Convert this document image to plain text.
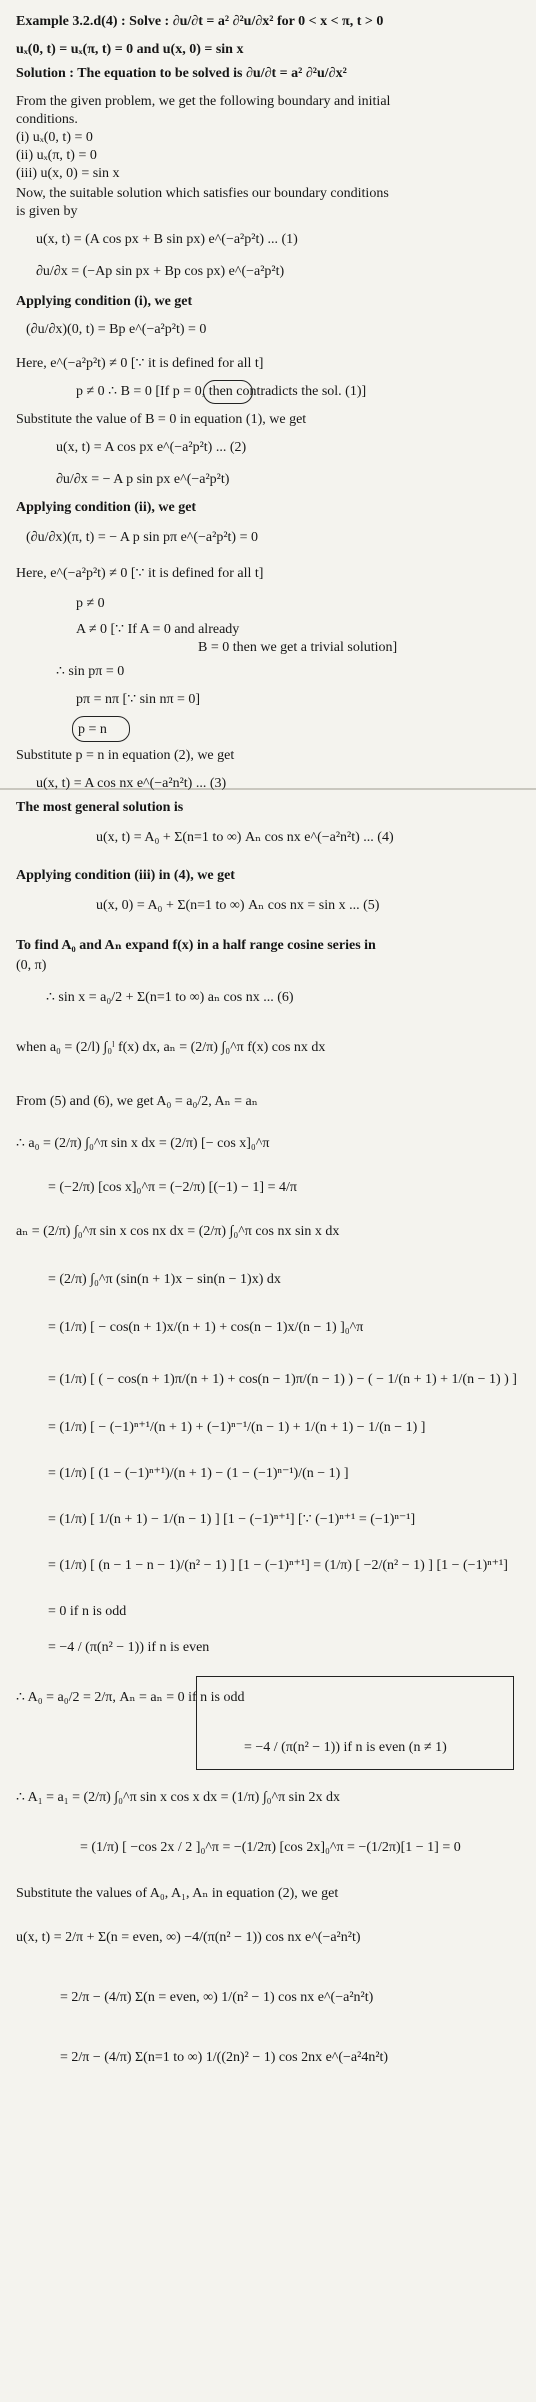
Example 3.2.d(4) : Solve : ∂u/∂t = a² ∂²u/∂x² for 0 < x < π, t > 0
uₓ(0, t) = uₓ(π, t) = 0 and u(x, 0) = sin x
Solution : The equation to be solved is ∂u/∂t = a² ∂²u/∂x²
From the given problem, we get the following boundary and initial
conditions.
(i) uₓ(0, t) = 0
(ii) uₓ(π, t) = 0
(iii) u(x, 0) = sin x
Now, the suitable solution which satisfies our boundary conditions
is given by
u(x, t) = (A cos px + B sin px) e^(−a²p²t) ... (1)
∂u/∂x = (−Ap sin px + Bp cos px) e^(−a²p²t)
Applying condition (i), we get
(∂u/∂x)(0, t) = Bp e^(−a²p²t) = 0
Here, e^(−a²p²t) ≠ 0 [∵ it is defined for all t]
p ≠ 0 ∴ B = 0 [If p = 0, then contradicts the sol. (1)]
Substitute the value of B = 0 in equation (1), we get
u(x, t) = A cos px e^(−a²p²t) ... (2)
∂u/∂x = − A p sin px e^(−a²p²t)
Applying condition (ii), we get
(∂u/∂x)(π, t) = − A p sin pπ e^(−a²p²t) = 0
Here, e^(−a²p²t) ≠ 0 [∵ it is defined for all t]
p ≠ 0
A ≠ 0 [∵ If A = 0 and already
B = 0 then we get a trivial solution]
∴ sin pπ = 0
pπ = nπ [∵ sin nπ = 0]
p = n
Substitute p = n in equation (2), we get
u(x, t) = A cos nx e^(−a²n²t) ... (3)
The most general solution is
u(x, t) = A₀ + Σ(n=1 to ∞) Aₙ cos nx e^(−a²n²t) ... (4)
Applying condition (iii) in (4), we get
u(x, 0) = A₀ + Σ(n=1 to ∞) Aₙ cos nx = sin x ... (5)
To find A₀ and Aₙ expand f(x) in a half range cosine series in
(0, π)
∴ sin x = a₀/2 + Σ(n=1 to ∞) aₙ cos nx ... (6)
when a₀ = (2/l) ∫₀ˡ f(x) dx, aₙ = (2/π) ∫₀^π f(x) cos nx dx
From (5) and (6), we get A₀ = a₀/2, Aₙ = aₙ
∴ a₀ = (2/π) ∫₀^π sin x dx = (2/π) [− cos x]₀^π
= (−2/π) [cos x]₀^π = (−2/π) [(−1) − 1] = 4/π
aₙ = (2/π) ∫₀^π sin x cos nx dx = (2/π) ∫₀^π cos nx sin x dx
= (2/π) ∫₀^π (sin(n + 1)x − sin(n − 1)x) dx
= (1/π) [ − cos(n + 1)x/(n + 1) + cos(n − 1)x/(n − 1) ]₀^π
= (1/π) [ ( − cos(n + 1)π/(n + 1) + cos(n − 1)π/(n − 1) ) − ( − 1/(n + 1) + 1/(n − 1) ) ]
= (1/π) [ − (−1)ⁿ⁺¹/(n + 1) + (−1)ⁿ⁻¹/(n − 1) + 1/(n + 1) − 1/(n − 1) ]
= (1/π) [ (1 − (−1)ⁿ⁺¹)/(n + 1) − (1 − (−1)ⁿ⁻¹)/(n − 1) ]
= (1/π) [ 1/(n + 1) − 1/(n − 1) ] [1 − (−1)ⁿ⁺¹] [∵ (−1)ⁿ⁺¹ = (−1)ⁿ⁻¹]
= (1/π) [ (n − 1 − n − 1)/(n² − 1) ] [1 − (−1)ⁿ⁺¹] = (1/π) [ −2/(n² − 1) ] [1 − (−1)ⁿ⁺¹]
= 0 if n is odd
= −4 / (π(n² − 1)) if n is even
∴ A₀ = a₀/2 = 2/π, Aₙ = aₙ = 0 if n is odd
= −4 / (π(n² − 1)) if n is even (n ≠ 1)
∴ A₁ = a₁ = (2/π) ∫₀^π sin x cos x dx = (1/π) ∫₀^π sin 2x dx
= (1/π) [ −cos 2x / 2 ]₀^π = −(1/2π) [cos 2x]₀^π = −(1/2π)[1 − 1] = 0
Substitute the values of A₀, A₁, Aₙ in equation (2), we get
u(x, t) = 2/π + Σ(n = even, ∞) −4/(π(n² − 1)) cos nx e^(−a²n²t)
= 2/π − (4/π) Σ(n = even, ∞) 1/(n² − 1) cos nx e^(−a²n²t)
= 2/π − (4/π) Σ(n=1 to ∞) 1/((2n)² − 1) cos 2nx e^(−a²4n²t)
